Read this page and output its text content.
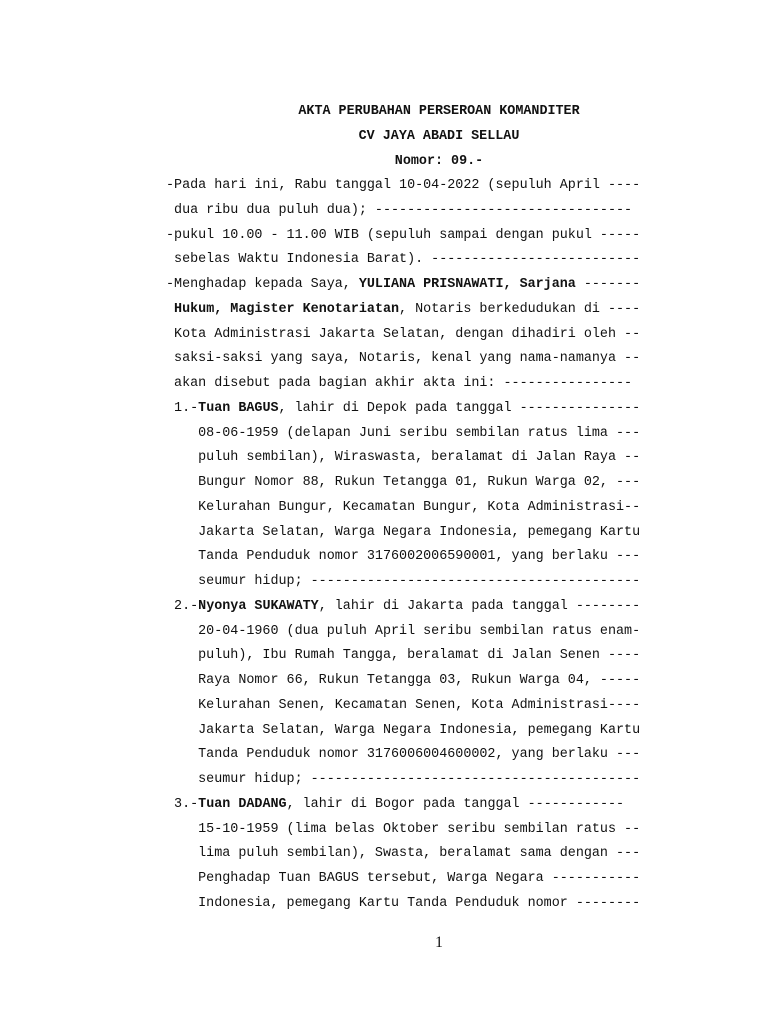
AKTA PERUBAHAN PERSEROAN KOMANDITER
CV JAYA ABADI SELLAU
Nomor: 09.-
-Pada hari ini, Rabu tanggal 10-04-2022 (sepuluh April ----
dua ribu dua puluh dua); --------------------------------
-pukul 10.00 - 11.00 WIB (sepuluh sampai dengan pukul -----
sebelas Waktu Indonesia Barat). --------------------------
-Menghadap kepada Saya, YULIANA PRISNAWATI, Sarjana -------
Hukum, Magister Kenotariatan, Notaris berkedudukan di ----
Kota Administrasi Jakarta Selatan, dengan dihadiri oleh --
saksi-saksi yang saya, Notaris, kenal yang nama-namanya --
akan disebut pada bagian akhir akta ini: ----------------
1.-Tuan BAGUS, lahir di Depok pada tanggal ---------------
08-06-1959 (delapan Juni seribu sembilan ratus lima ---
puluh sembilan), Wiraswasta, beralamat di Jalan Raya --
Bungur Nomor 88, Rukun Tetangga 01, Rukun Warga 02, ---
Kelurahan Bungur, Kecamatan Bungur, Kota Administrasi--
Jakarta Selatan, Warga Negara Indonesia, pemegang Kartu
Tanda Penduduk nomor 3176002006590001, yang berlaku ---
seumur hidup; -----------------------------------------
2.-Nyonya SUKAWATY, lahir di Jakarta pada tanggal --------
20-04-1960 (dua puluh April seribu sembilan ratus enam-
puluh), Ibu Rumah Tangga, beralamat di Jalan Senen ----
Raya Nomor 66, Rukun Tetangga 03, Rukun Warga 04, -----
Kelurahan Senen, Kecamatan Senen, Kota Administrasi----
Jakarta Selatan, Warga Negara Indonesia, pemegang Kartu
Tanda Penduduk nomor 3176006004600002, yang berlaku ---
seumur hidup; -----------------------------------------
3.-Tuan DADANG, lahir di Bogor pada tanggal ------------
15-10-1959 (lima belas Oktober seribu sembilan ratus --
lima puluh sembilan), Swasta, beralamat sama dengan ---
Penghadap Tuan BAGUS tersebut, Warga Negara -----------
Indonesia, pemegang Kartu Tanda Penduduk nomor --------
1
